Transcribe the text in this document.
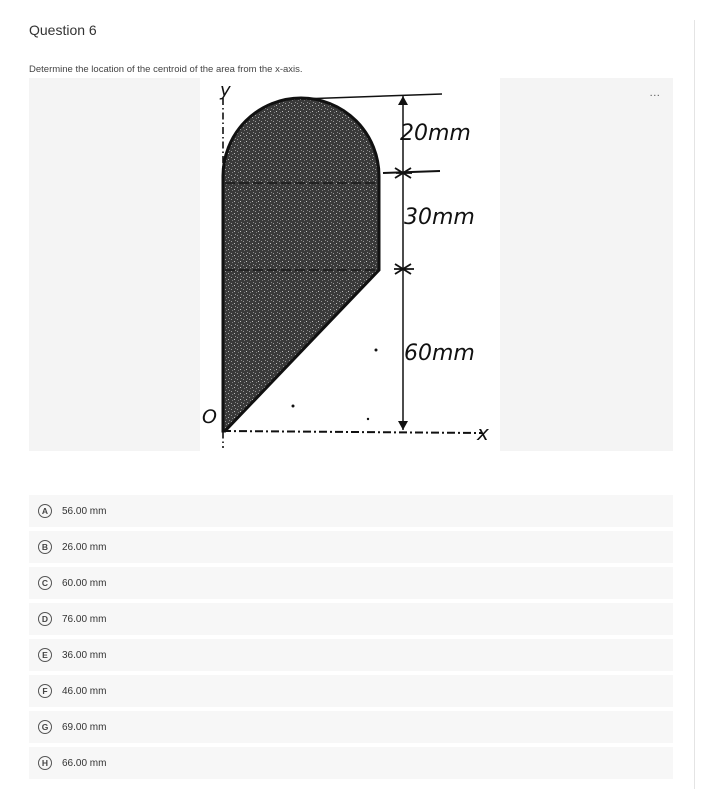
Question 6
Determine the location of the centroid of the area from the x-axis.
y
20mm
30mm
60mm
x
O
...
A	56.00 mm
B	26.00 mm
C	60.00 mm
D	76.00 mm
E	36.00 mm
F	46.00 mm
G	69.00 mm
H	66.00 mm
